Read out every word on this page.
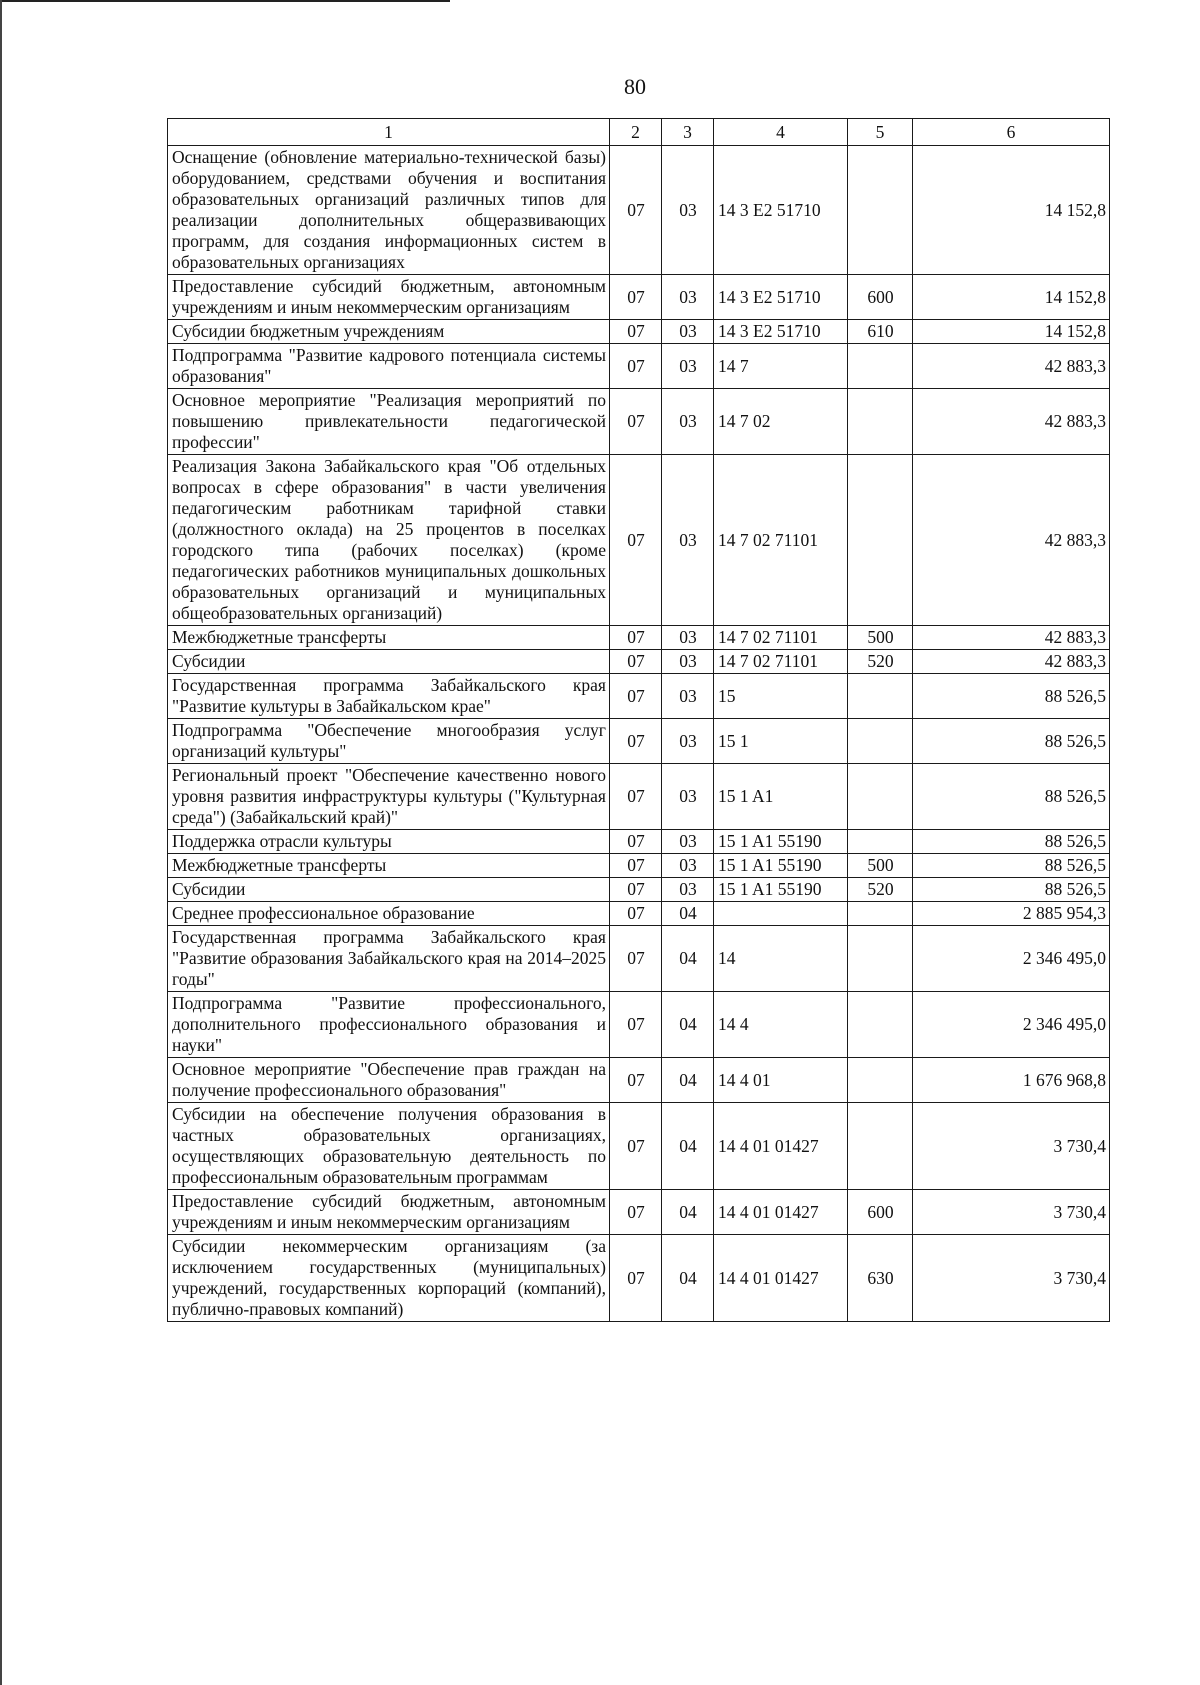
80
1	2	3	4	5	6
Оснащение (обновление материально-технической базы) оборудованием, средствами обучения и воспитания образовательных организаций различных типов для реализации дополнительных общеразвивающих программ, для создания информационных систем в образовательных организациях	07	03	14 3 E2 51710		14 152,8
Предоставление субсидий бюджетным, автономным учреждениям и иным некоммерческим организациям	07	03	14 3 E2 51710	600	14 152,8
Субсидии бюджетным учреждениям	07	03	14 3 E2 51710	610	14 152,8
Подпрограмма "Развитие кадрового потенциала системы образования"	07	03	14 7		42 883,3
Основное мероприятие "Реализация мероприятий по повышению привлекательности педагогической профессии"	07	03	14 7 02		42 883,3
Реализация Закона Забайкальского края "Об отдельных вопросах в сфере образования" в части увеличения педагогическим работникам тарифной ставки (должностного оклада) на 25 процентов в поселках городского типа (рабочих поселках) (кроме педагогических работников муниципальных дошкольных образовательных организаций и муниципальных общеобразовательных организаций)	07	03	14 7 02 71101		42 883,3
Межбюджетные трансферты	07	03	14 7 02 71101	500	42 883,3
Субсидии	07	03	14 7 02 71101	520	42 883,3
Государственная программа Забайкальского края "Развитие культуры в Забайкальском крае"	07	03	15		88 526,5
Подпрограмма "Обеспечение многообразия услуг организаций культуры"	07	03	15 1		88 526,5
Региональный проект "Обеспечение качественно нового уровня развития инфраструктуры культуры ("Культурная среда") (Забайкальский край)"	07	03	15 1 A1		88 526,5
Поддержка отрасли культуры	07	03	15 1 A1 55190		88 526,5
Межбюджетные трансферты	07	03	15 1 A1 55190	500	88 526,5
Субсидии	07	03	15 1 A1 55190	520	88 526,5
Среднее профессиональное образование	07	04			2 885 954,3
Государственная программа Забайкальского края "Развитие образования Забайкальского края на 2014–2025 годы"	07	04	14		2 346 495,0
Подпрограмма "Развитие профессионального, дополнительного профессионального образования и науки"	07	04	14 4		2 346 495,0
Основное мероприятие "Обеспечение прав граждан на получение профессионального образования"	07	04	14 4 01		1 676 968,8
Субсидии на обеспечение получения образования в частных образовательных организациях, осуществляющих образовательную деятельность по профессиональным образовательным программам	07	04	14 4 01 01427		3 730,4
Предоставление субсидий бюджетным, автономным учреждениям и иным некоммерческим организациям	07	04	14 4 01 01427	600	3 730,4
Субсидии некоммерческим организациям (за исключением государственных (муниципальных) учреждений, государственных корпораций (компаний), публично-правовых компаний)	07	04	14 4 01 01427	630	3 730,4
